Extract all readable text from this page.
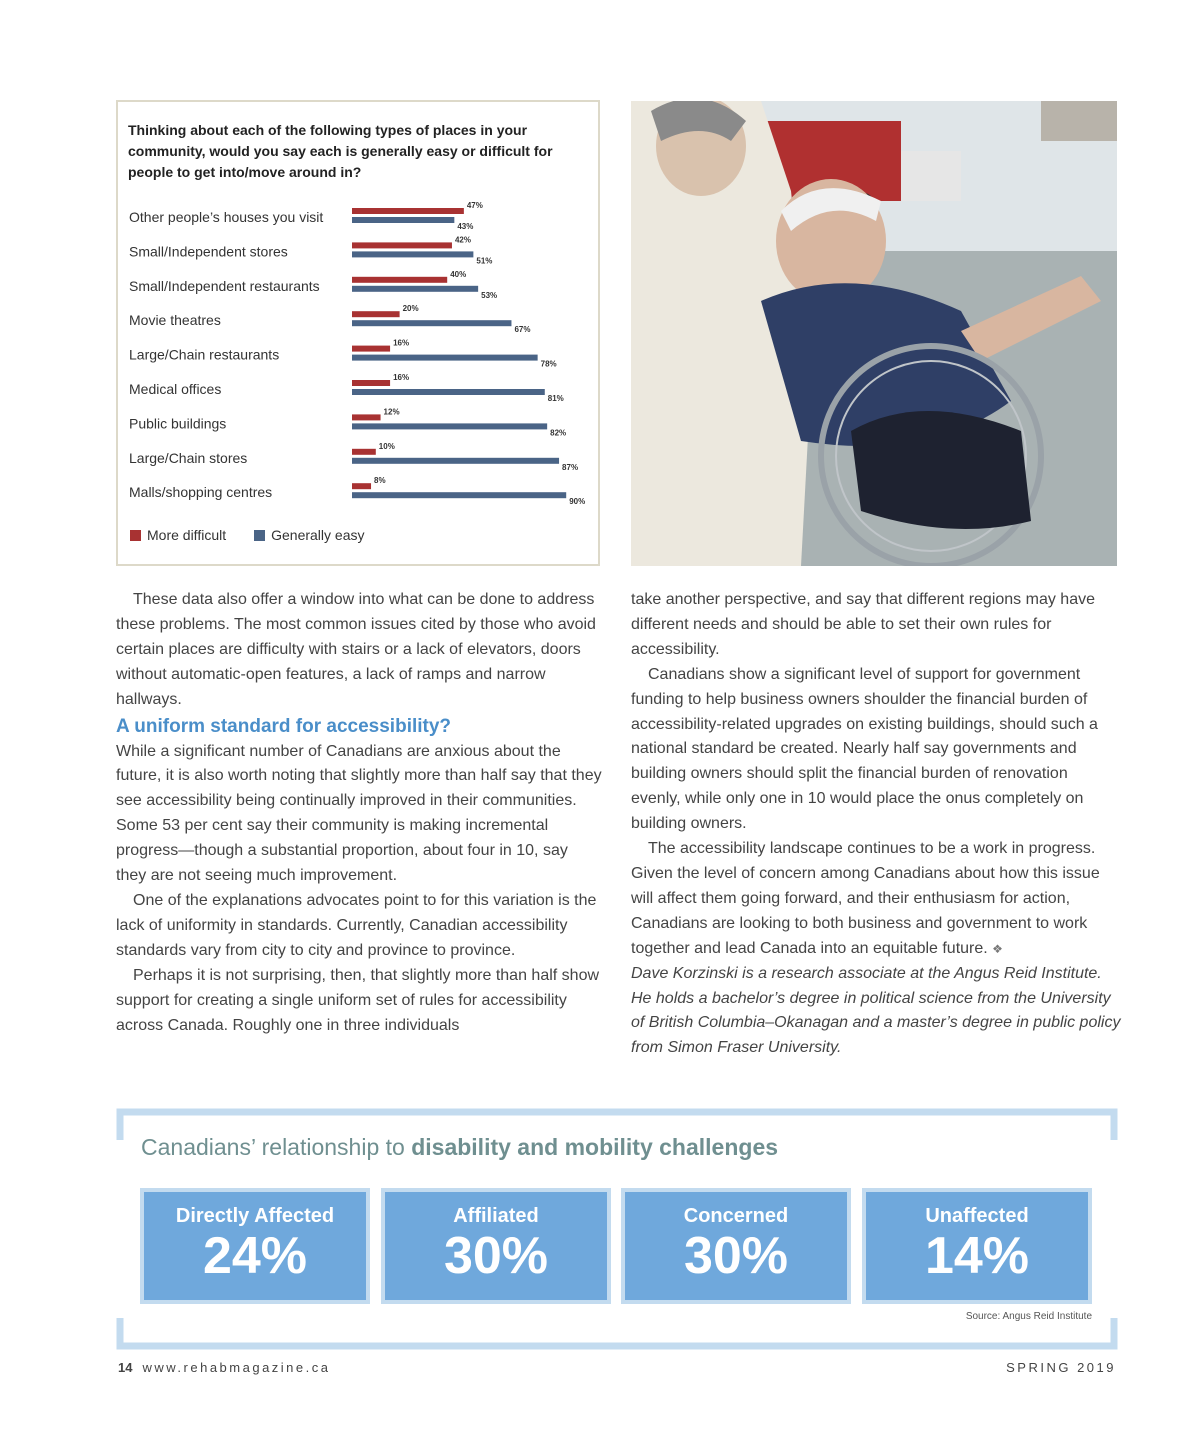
Thinking about each of the following types of places in your community, would you say each is generally easy or difficult for people to get into/move around in?
Other people’s houses you visit
47%
43%
Small/Independent stores
42%
51%
Small/Independent restaurants
40%
53%
Movie theatres
20%
67%
Large/Chain restaurants
16%
78%
Medical offices
16%
81%
Public buildings
12%
82%
Large/Chain stores
10%
87%
Malls/shopping centres
8%
90%
More difficult	Generally easy

These data also offer a window into what can be done to address these problems. The most common issues cited by those who avoid certain places are difficulty with stairs or a lack of elevators, doors without automatic-open features, a lack of ramps and narrow hallways.

A uniform standard for accessibility?

While a significant number of Canadians are anxious about the future, it is also worth noting that slightly more than half say that they see accessibility being continually improved in their communities. Some 53 per cent say their community is making incremental progress—though a substantial proportion, about four in 10, say they are not seeing much improvement.

One of the explanations advocates point to for this variation is the lack of uniformity in standards. Currently, Canadian accessibility standards vary from city to city and province to province.

Perhaps it is not surprising, then, that slightly more than half show support for creating a single uniform set of rules for accessibility across Canada. Roughly one in three individuals

take another perspective, and say that different regions may have different needs and should be able to set their own rules for accessibility.

Canadians show a significant level of support for government funding to help business owners shoulder the financial burden of accessibility-related upgrades on existing buildings, should such a national standard be created. Nearly half say governments and building owners should split the financial burden of renovation evenly, while only one in 10 would place the onus completely on building owners.

The accessibility landscape continues to be a work in progress. Given the level of concern among Canadians about how this issue will affect them going forward, and their enthusiasm for action, Canadians are looking to both business and government to work together and lead Canada into an equitable future. ❖

Dave Korzinski is a research associate at the Angus Reid Institute. He holds a bachelor’s degree in political science from the University of British Columbia–Okanagan and a master’s degree in public policy from Simon Fraser University.

Canadians’ relationship to disability and mobility challenges
Directly Affected
24%
Affiliated
30%
Concerned
30%
Unaffected
14%
Source: Angus Reid Institute
14 www.rehabmagazine.ca	SPRING 2019
